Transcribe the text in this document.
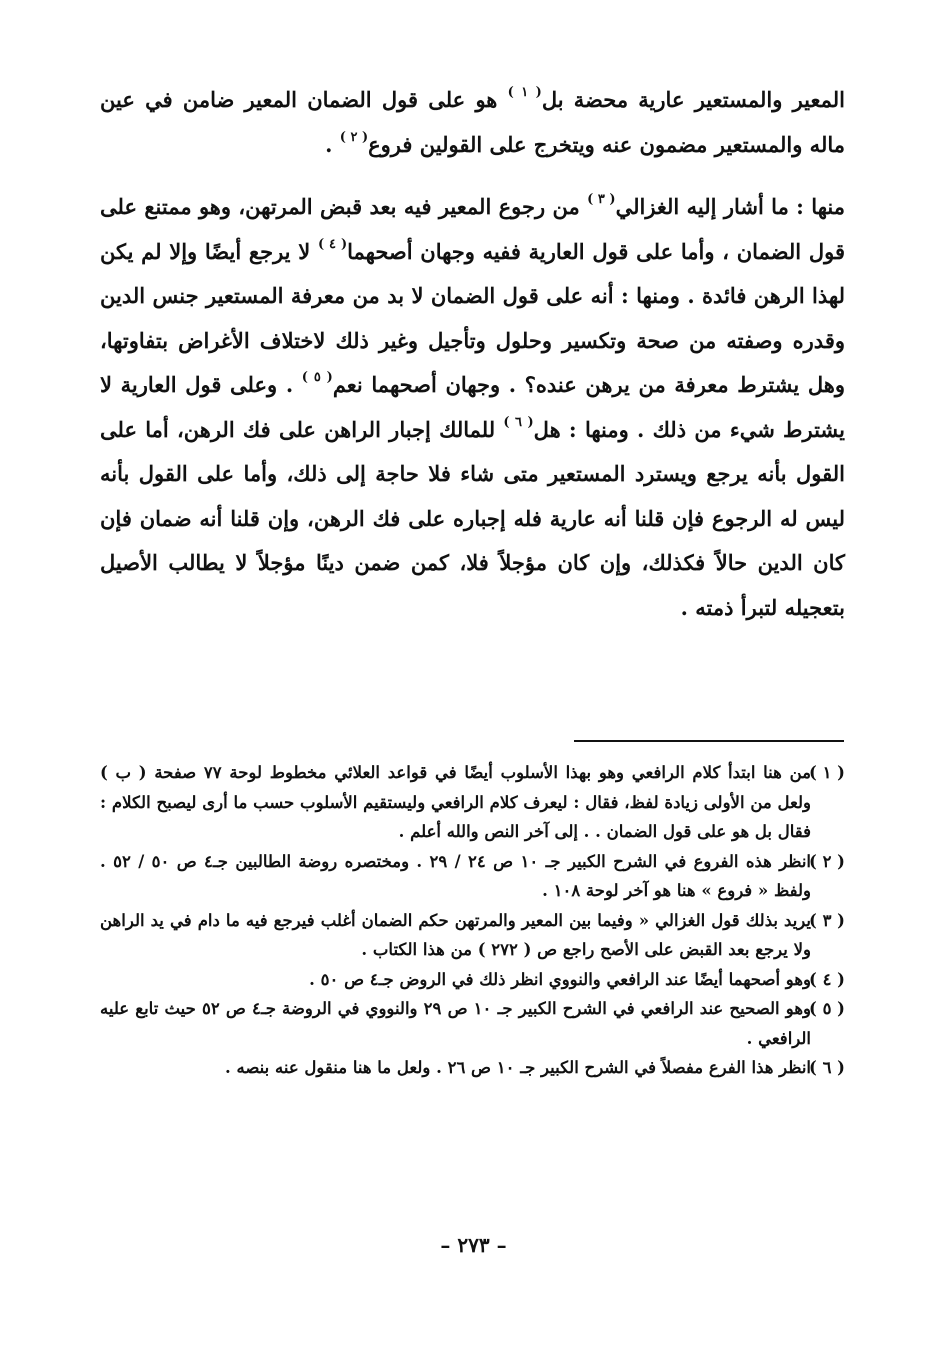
المعير والمستعير عارية محضة بل$^{( ١ )}$ هو على قول الضمان المعير ضامن في عين ماله والمستعير مضمون عنه ويتخرج على القولين فروع$^{( ٢ )}$ .

منها : ما أشار إليه الغزالي$^{( ٣ )}$ من رجوع المعير فيه بعد قبض المرتهن، وهو ممتنع على قول الضمان ، وأما على قول العارية ففيه وجهان أصحهما$^{( ٤ )}$ لا يرجع أيضًا وإلا لم يكن لهذا الرهن فائدة . ومنها : أنه على قول الضمان لا بد من معرفة المستعير جنس الدين وقدره وصفته من صحة وتكسير وحلول وتأجيل وغير ذلك لاختلاف الأغراض بتفاوتها، وهل يشترط معرفة من يرهن عنده؟ . وجهان أصحهما نعم$^{( ٥ )}$ . وعلى قول العارية لا يشترط شيء من ذلك . ومنها : هل$^{( ٦ )}$ للمالك إجبار الراهن على فك الرهن، أما على القول بأنه يرجع ويسترد المستعير متى شاء فلا حاجة إلى ذلك، وأما على القول بأنه ليس له الرجوع فإن قلنا أنه عارية فله إجباره على فك الرهن، وإن قلنا أنه ضمان فإن كان الدين حالاً فكذلك، وإن كان مؤجلاً فلا، كمن ضمن دينًا مؤجلاً لا يطالب الأصيل بتعجيله لتبرأ ذمته .

( ١ )
من هنا ابتدأ كلام الرافعي وهو بهذا الأسلوب أيضًا في قواعد العلائي مخطوط لوحة ٧٧ صفحة ( ب ) ولعل من الأولى زيادة لفظ، فقال : ليعرف كلام الرافعي وليستقيم الأسلوب حسب ما أرى ليصبح الكلام : فقال بل هو على قول الضمان . . إلى آخر النص والله أعلم .

( ٢ )
انظر هذه الفروع في الشرح الكبير جـ ١٠ ص ٢٤ / ٢٩ . ومختصره روضة الطالبين جـ٤ ص ٥٠ / ٥٢ . ولفظ « فروع » هنا هو آخر لوحة ١٠٨ .

( ٣ )
يريد بذلك قول الغزالي « وفيما بين المعير والمرتهن حكم الضمان أغلب فيرجع فيه ما دام في يد الراهن ولا يرجع بعد القبض على الأصح راجع ص ( ٢٧٢ ) من هذا الكتاب .

( ٤ )
وهو أصحهما أيضًا عند الرافعي والنووي انظر ذلك في الروض جـ٤ ص ٥٠ .

( ٥ )
وهو الصحيح عند الرافعي في الشرح الكبير جـ ١٠ ص ٢٩ والنووي في الروضة جـ٤ ص ٥٢ حيث تابع عليه الرافعي .

( ٦ )
انظر هذا الفرع مفصلاً في الشرح الكبير جـ ١٠ ص ٢٦ . ولعل ما هنا منقول عنه بنصه .

– ٢٧٣ –
